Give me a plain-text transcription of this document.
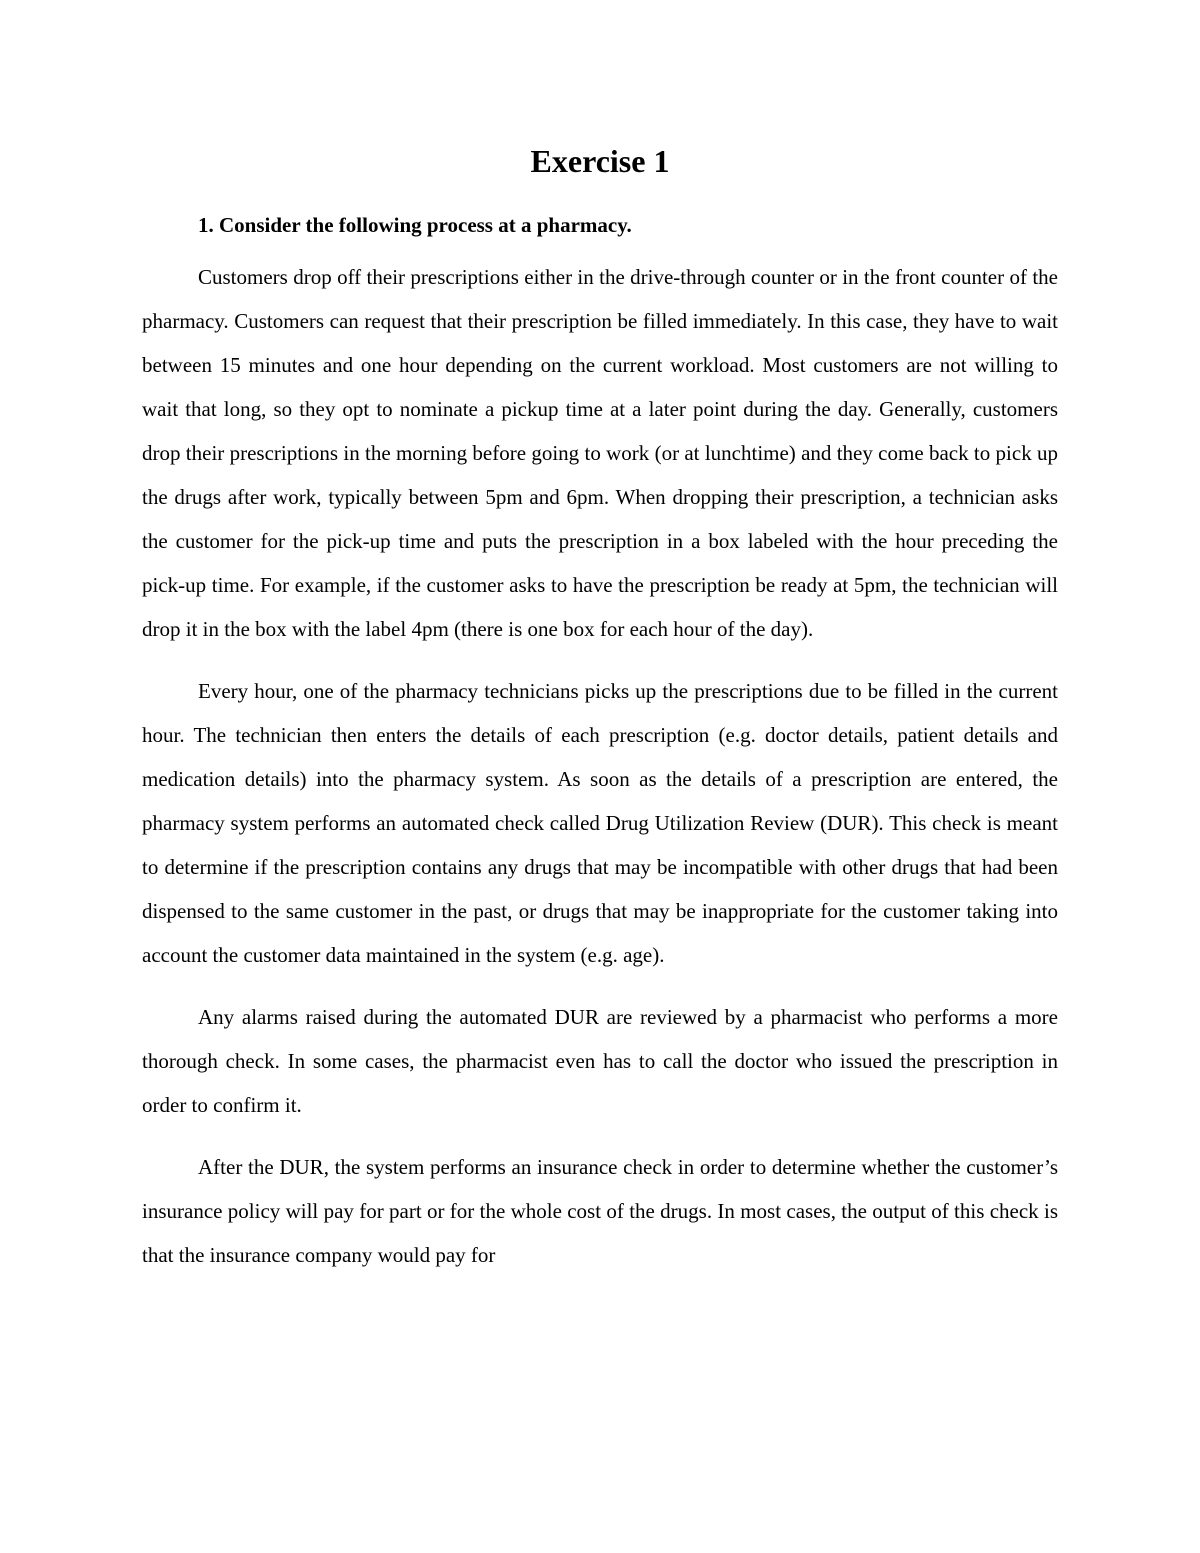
Exercise 1

1. Consider the following process at a pharmacy.

Customers drop off their prescriptions either in the drive-through counter or in the front counter of the pharmacy. Customers can request that their prescription be filled immediately. In this case, they have to wait between 15 minutes and one hour depending on the current workload. Most customers are not willing to wait that long, so they opt to nominate a pickup time at a later point during the day. Generally, customers drop their prescriptions in the morning before going to work (or at lunchtime) and they come back to pick up the drugs after work, typically between 5pm and 6pm. When dropping their prescription, a technician asks the customer for the pick-up time and puts the prescription in a box labeled with the hour preceding the pick-up time. For example, if the customer asks to have the prescription be ready at 5pm, the technician will drop it in the box with the label 4pm (there is one box for each hour of the day).

Every hour, one of the pharmacy technicians picks up the prescriptions due to be filled in the current hour. The technician then enters the details of each prescription (e.g. doctor details, patient details and medication details) into the pharmacy system. As soon as the details of a prescription are entered, the pharmacy system performs an automated check called Drug Utilization Review (DUR). This check is meant to determine if the prescription contains any drugs that may be incompatible with other drugs that had been dispensed to the same customer in the past, or drugs that may be inappropriate for the customer taking into account the customer data maintained in the system (e.g. age).

Any alarms raised during the automated DUR are reviewed by a pharmacist who performs a more thorough check. In some cases, the pharmacist even has to call the doctor who issued the prescription in order to confirm it.

After the DUR, the system performs an insurance check in order to determine whether the customer’s insurance policy will pay for part or for the whole cost of the drugs. In most cases, the output of this check is that the insurance company would pay for
